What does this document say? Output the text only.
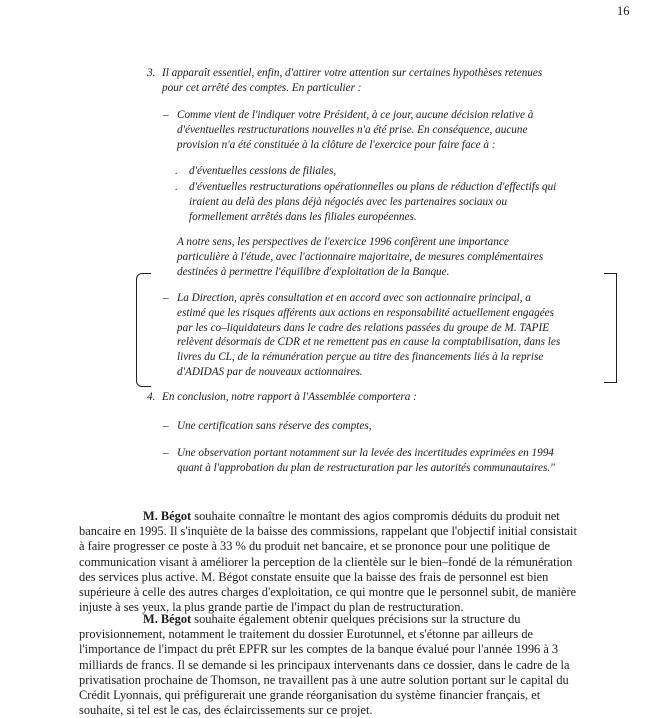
16
3. Il apparaît essentiel, enfin, d'attirer votre attention sur certaines hypothèses retenues
pour cet arrêté des comptes. En particulier :
– Comme vient de l'indiquer votre Président, à ce jour, aucune décision relative à
d'éventuelles restructurations nouvelles n'a été prise. En conséquence, aucune
provision n'a été constituée à la clôture de l'exercice pour faire face à :
. d'éventuelles cessions de filiales,
. d'éventuelles restructurations opérationnelles ou plans de réduction d'effectifs qui
iraient au delà des plans déjà négociés avec les partenaires sociaux ou
formellement arrêtés dans les filiales européennes.
A notre sens, les perspectives de l'exercice 1996 confèrent une importance
particulière à l'étude, avec l'actionnaire majoritaire, de mesures complémentaires
destinées à permettre l'équilibre d'exploitation de la Banque.
– La Direction, après consultation et en accord avec son actionnaire principal, a
estimé que les risques afférents aux actions en responsabilité actuellement engagées
par les co–liquidateurs dans le cadre des relations passées du groupe de M. TAPIE
relèvent désormais de CDR et ne remettent pas en cause la comptabilisation, dans les
livres du CL, de la rémunération perçue au titre des financements liés à la reprise
d'ADIDAS par de nouveaux actionnaires.
4. En conclusion, notre rapport à l'Assemblée comportera :
– Une certification sans réserve des comptes,
– Une observation portant notamment sur la levée des incertitudes exprimées en 1994
quant à l'approbation du plan de restructuration par les autorités communautaires."
M. Bégot souhaite connaître le montant des agios compromis déduits du produit net
bancaire en 1995. Il s'inquiète de la baisse des commissions, rappelant que l'objectif initial consistait
à faire progresser ce poste à 33 % du produit net bancaire, et se prononce pour une politique de
communication visant à améliorer la perception de la clientèle sur le bien–fondé de la rémunération
des services plus active. M. Bégot constate ensuite que la baisse des frais de personnel est bien
supérieure à celle des autres charges d'exploitation, ce qui montre que le personnel subit, de manière
injuste à ses yeux, la plus grande partie de l'impact du plan de restructuration.
M. Bégot souhaite également obtenir quelques précisions sur la structure du
provisionnement, notamment le traitement du dossier Eurotunnel, et s'étonne par ailleurs de
l'importance de l'impact du prêt EPFR sur les comptes de la banque évalué pour l'année 1996 à 3
milliards de francs. Il se demande si les principaux intervenants dans ce dossier, dans le cadre de la
privatisation prochaine de Thomson, ne travaillent pas à une autre solution portant sur le capital du
Crédit Lyonnais, qui préfigurerait une grande réorganisation du système financier français, et
souhaite, si tel est le cas, des éclaircissements sur ce projet.
